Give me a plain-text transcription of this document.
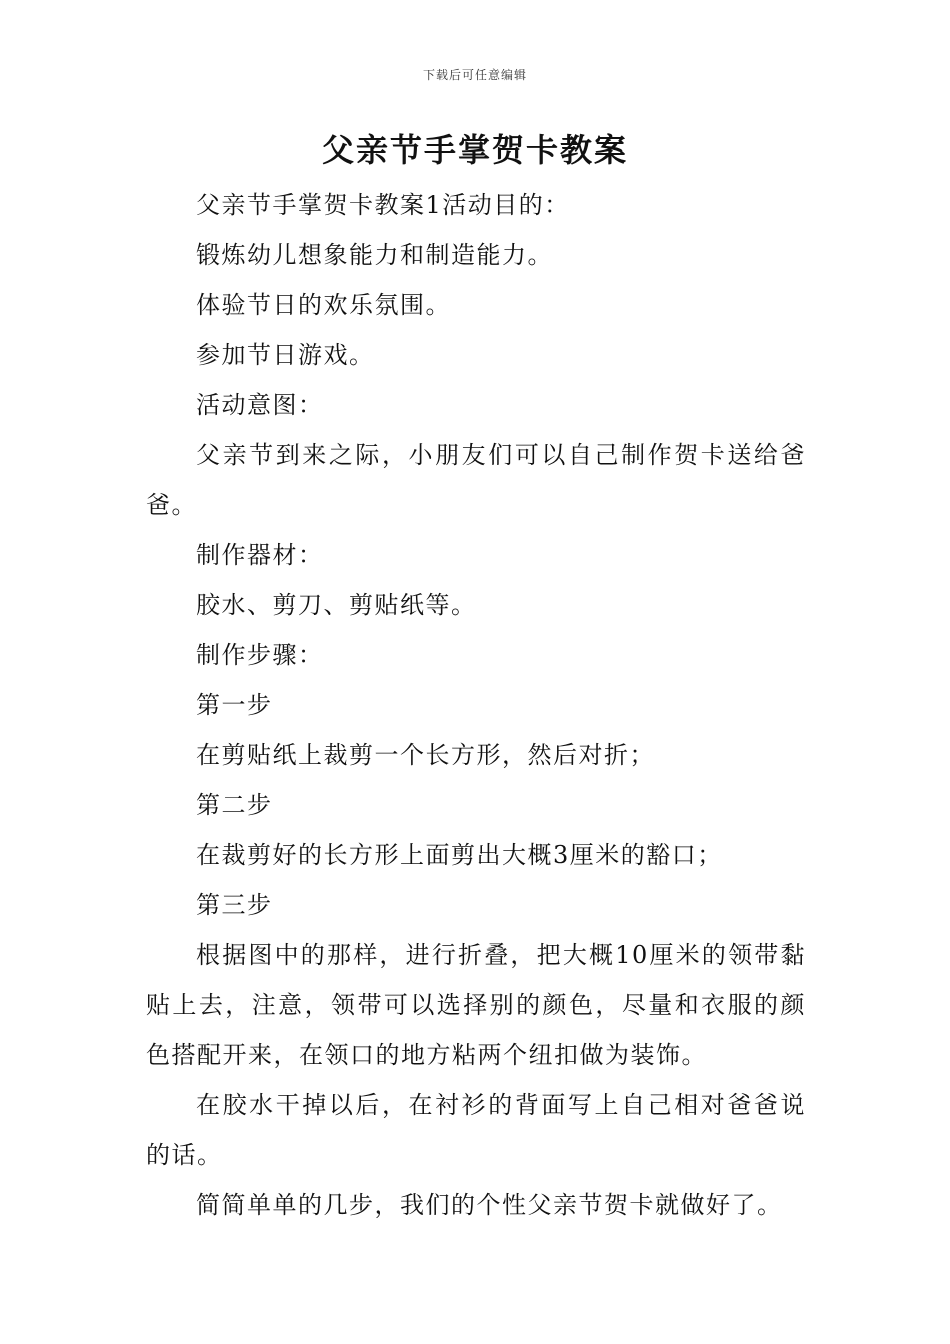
下载后可任意编辑
父亲节手掌贺卡教案

父亲节手掌贺卡教案1活动目的：

锻炼幼儿想象能力和制造能力。

体验节日的欢乐氛围。

参加节日游戏。

活动意图：

父亲节到来之际，小朋友们可以自己制作贺卡送给爸爸。

制作器材：

胶水、剪刀、剪贴纸等。

制作步骤：

第一步

在剪贴纸上裁剪一个长方形，然后对折；

第二步

在裁剪好的长方形上面剪出大概3厘米的豁口；

第三步

根据图中的那样，进行折叠，把大概10厘米的领带黏贴上去，注意，领带可以选择别的颜色，尽量和衣服的颜色搭配开来，在领口的地方粘两个纽扣做为装饰。

在胶水干掉以后，在衬衫的背面写上自己相对爸爸说的话。

简简单单的几步，我们的个性父亲节贺卡就做好了。
